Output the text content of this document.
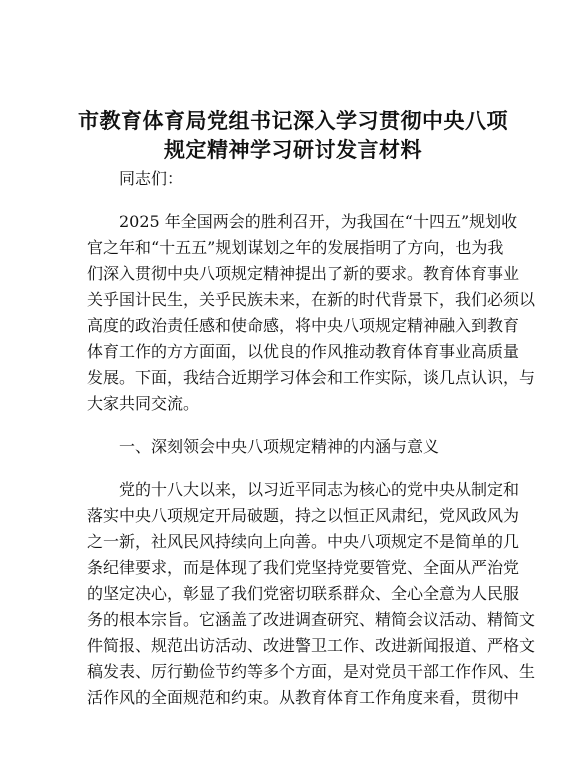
市教育体育局党组书记深入学习贯彻中央八项
规定精神学习研讨发言材料

同志们：

2025 年全国两会的胜利召开，为我国在“十四五”规划收
官之年和“十五五”规划谋划之年的发展指明了方向，也为我
们深入贯彻中央八项规定精神提出了新的要求。教育体育事业
关乎国计民生，关乎民族未来，在新的时代背景下，我们必须以
高度的政治责任感和使命感，将中央八项规定精神融入到教育
体育工作的方方面面，以优良的作风推动教育体育事业高质量
发展。下面，我结合近期学习体会和工作实际，谈几点认识，与
大家共同交流。

一、深刻领会中央八项规定精神的内涵与意义

党的十八大以来，以习近平同志为核心的党中央从制定和
落实中央八项规定开局破题，持之以恒正风肃纪，党风政风为
之一新，社风民风持续向上向善。中央八项规定不是简单的几
条纪律要求，而是体现了我们党坚持党要管党、全面从严治党
的坚定决心，彰显了我们党密切联系群众、全心全意为人民服
务的根本宗旨。它涵盖了改进调查研究、精简会议活动、精简文
件简报、规范出访活动、改进警卫工作、改进新闻报道、严格文
稿发表、厉行勤俭节约等多个方面，是对党员干部工作作风、生
活作风的全面规范和约束。从教育体育工作角度来看，贯彻中
